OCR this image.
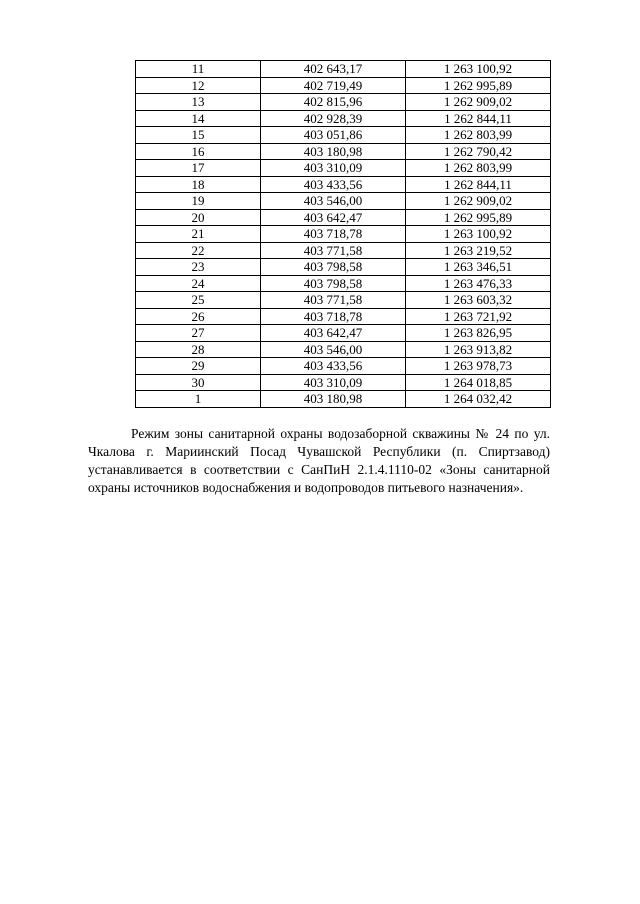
11	402 643,17	1 263 100,92
12	402 719,49	1 262 995,89
13	402 815,96	1 262 909,02
14	402 928,39	1 262 844,11
15	403 051,86	1 262 803,99
16	403 180,98	1 262 790,42
17	403 310,09	1 262 803,99
18	403 433,56	1 262 844,11
19	403 546,00	1 262 909,02
20	403 642,47	1 262 995,89
21	403 718,78	1 263 100,92
22	403 771,58	1 263 219,52
23	403 798,58	1 263 346,51
24	403 798,58	1 263 476,33
25	403 771,58	1 263 603,32
26	403 718,78	1 263 721,92
27	403 642,47	1 263 826,95
28	403 546,00	1 263 913,82
29	403 433,56	1 263 978,73
30	403 310,09	1 264 018,85
1	403 180,98	1 264 032,42

Режим зоны санитарной охраны водозаборной скважины № 24 по ул. Чкалова г. Мариинский Посад Чувашской Республики (п. Спиртзавод) устанавливается в соответствии с СанПиН 2.1.4.1110-02 «Зоны санитарной охраны источников водоснабжения и водопроводов питьевого назначения».
